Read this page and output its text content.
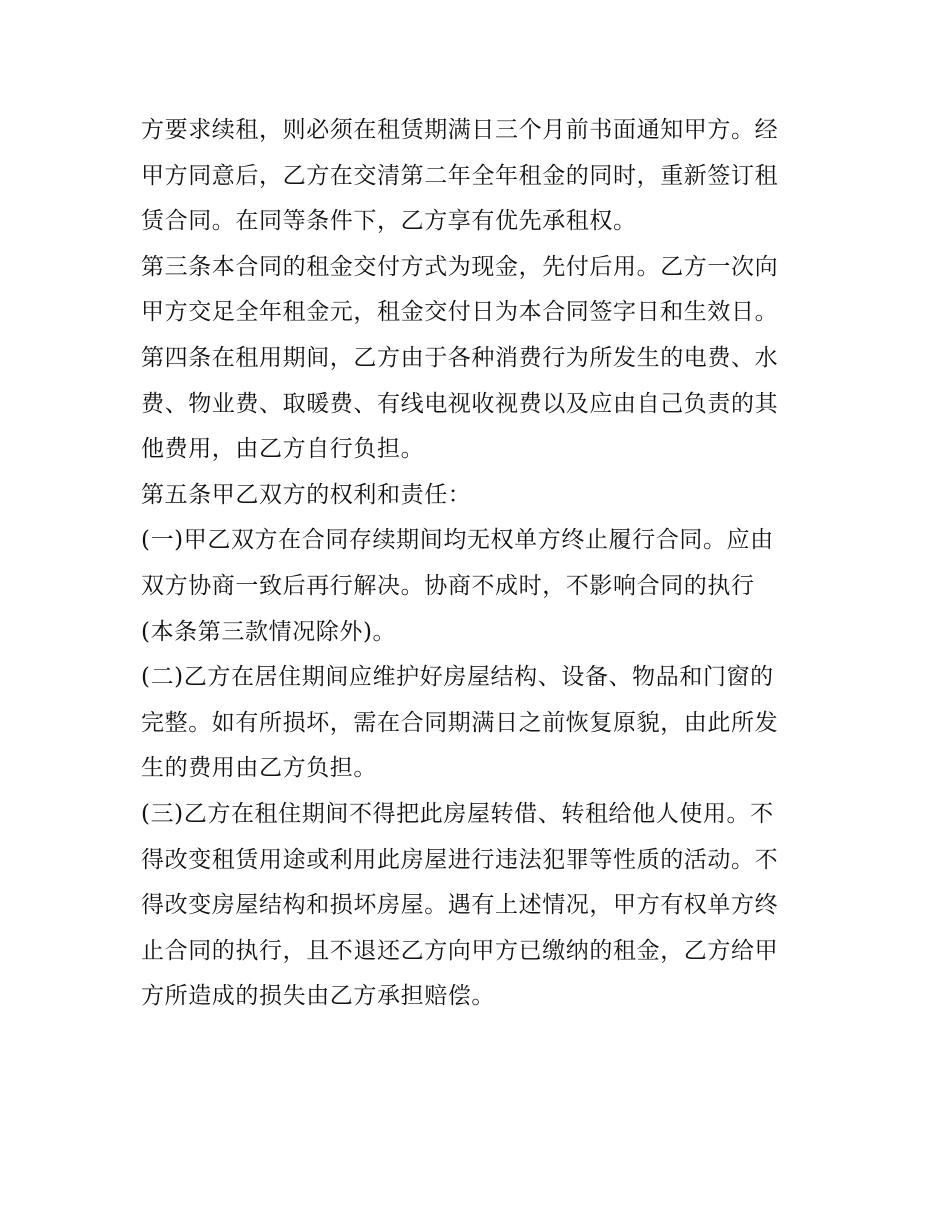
方要求续租，则必须在租赁期满日三个月前书面通知甲方。经
甲方同意后，乙方在交清第二年全年租金的同时，重新签订租
赁合同。在同等条件下，乙方享有优先承租权。
第三条本合同的租金交付方式为现金，先付后用。乙方一次向
甲方交足全年租金元，租金交付日为本合同签字日和生效日。
第四条在租用期间，乙方由于各种消费行为所发生的电费、水
费、物业费、取暖费、有线电视收视费以及应由自己负责的其
他费用，由乙方自行负担。
第五条甲乙双方的权利和责任：
(一)甲乙双方在合同存续期间均无权单方终止履行合同。应由
双方协商一致后再行解决。协商不成时，不影响合同的执行
(本条第三款情况除外)。
(二)乙方在居住期间应维护好房屋结构、设备、物品和门窗的
完整。如有所损坏，需在合同期满日之前恢复原貌，由此所发
生的费用由乙方负担。
(三)乙方在租住期间不得把此房屋转借、转租给他人使用。不
得改变租赁用途或利用此房屋进行违法犯罪等性质的活动。不
得改变房屋结构和损坏房屋。遇有上述情况，甲方有权单方终
止合同的执行，且不退还乙方向甲方已缴纳的租金，乙方给甲
方所造成的损失由乙方承担赔偿。
